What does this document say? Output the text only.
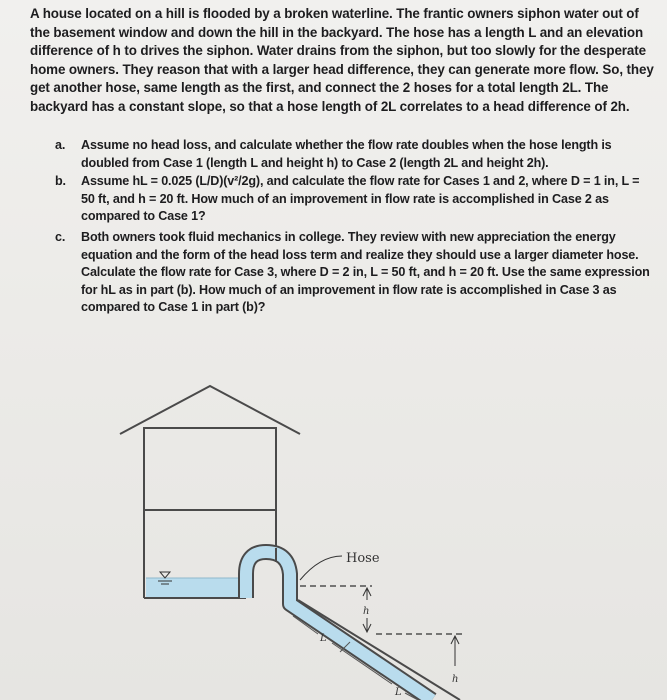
A house located on a hill is flooded by a broken waterline. The frantic owners siphon water out of the basement window and down the hill in the backyard. The hose has a length L and an elevation difference of h to drives the siphon. Water drains from the siphon, but too slowly for the desperate home owners. They reason that with a larger head difference, they can generate more flow. So, they get another hose, same length as the first, and connect the 2 hoses for a total length 2L. The backyard has a constant slope, so that a hose length of 2L correlates to a head difference of 2h.

a. Assume no head loss, and calculate whether the flow rate doubles when the hose length is doubled from Case 1 (length L and height h) to Case 2 (length 2L and height 2h).
b. Assume hL = 0.025 (L/D)(v²/2g), and calculate the flow rate for Cases 1 and 2, where D = 1 in, L = 50 ft, and h = 20 ft. How much of an improvement in flow rate is accomplished in Case 2 as compared to Case 1?
c. Both owners took fluid mechanics in college. They review with new appreciation the energy equation and the form of the head loss term and realize they should use a larger diameter hose. Calculate the flow rate for Case 3, where D = 2 in, L = 50 ft, and h = 20 ft. Use the same expression for hL as in part (b). How much of an improvement in flow rate is accomplished in Case 3 as compared to Case 1 in part (b)?
Hose
h
h
L
L
